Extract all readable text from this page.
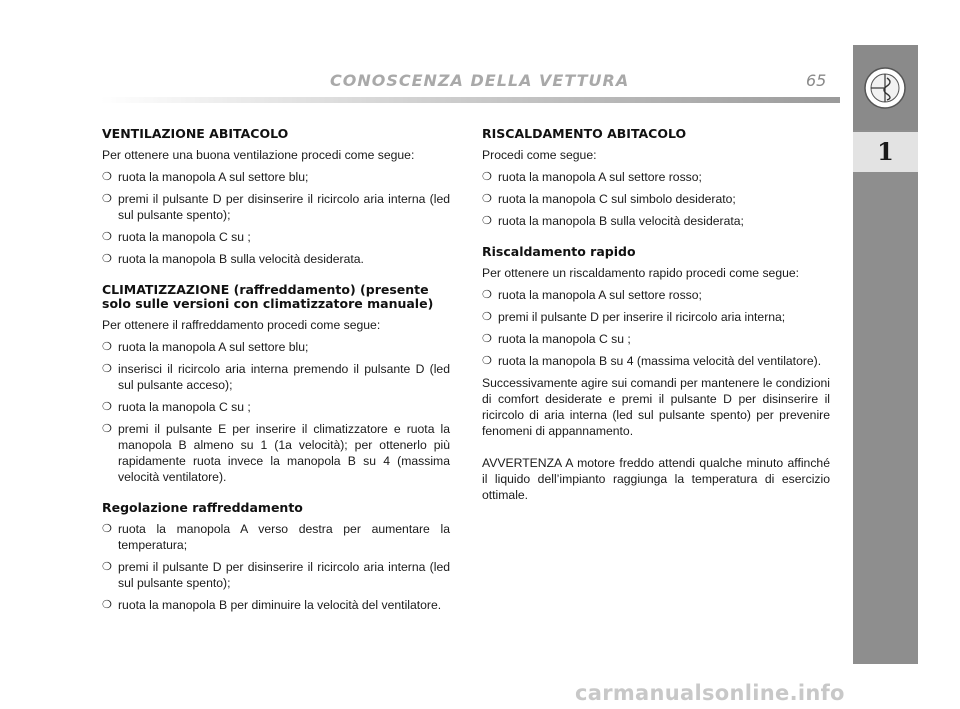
CONOSCENZA DELLA VETTURA	65
1
VENTILAZIONE ABITACOLO

Per ottenere una buona ventilazione procedi come segue:

❍ ruota la manopola A sul settore blu;

❍ premi il pulsante D per disinserire il ricircolo aria interna (led sul pulsante spento);

❍ ruota la manopola C su ;

❍ ruota la manopola B sulla velocità desiderata.

CLIMATIZZAZIONE (raffreddamento) (presente solo sulle versioni con climatizzatore manuale)

Per ottenere il raffreddamento procedi come segue:

❍ ruota la manopola A sul settore blu;

❍ inserisci il ricircolo aria interna premendo il pulsante D (led sul pulsante acceso);

❍ ruota la manopola C su ;

❍ premi il pulsante E per inserire il climatizzatore e ruota la manopola B almeno su 1 (1a velocità); per ottenerlo più rapidamente ruota invece la manopola B su 4 (massima velocità ventilatore).

Regolazione raffreddamento

❍ ruota la manopola A verso destra per aumentare la temperatura;

❍ premi il pulsante D per disinserire il ricircolo aria interna (led sul pulsante spento);

❍ ruota la manopola B per diminuire la velocità del ventilatore.

RISCALDAMENTO ABITACOLO

Procedi come segue:

❍ ruota la manopola A sul settore rosso;

❍ ruota la manopola C sul simbolo desiderato;

❍ ruota la manopola B sulla velocità desiderata;

Riscaldamento rapido

Per ottenere un riscaldamento rapido procedi come segue:

❍ ruota la manopola A sul settore rosso;

❍ premi il pulsante D per inserire il ricircolo aria interna;

❍ ruota la manopola C su ;

❍ ruota la manopola B su 4 (massima velocità del ventilatore).

Successivamente agire sui comandi per mantenere le condizioni di comfort desiderate e premi il pulsante D per disinserire il ricircolo di aria interna (led sul pulsante spento) per prevenire fenomeni di appannamento.

AVVERTENZA A motore freddo attendi qualche minuto affinché il liquido dell’impianto raggiunga la temperatura di esercizio ottimale.

carmanualsonline.info
